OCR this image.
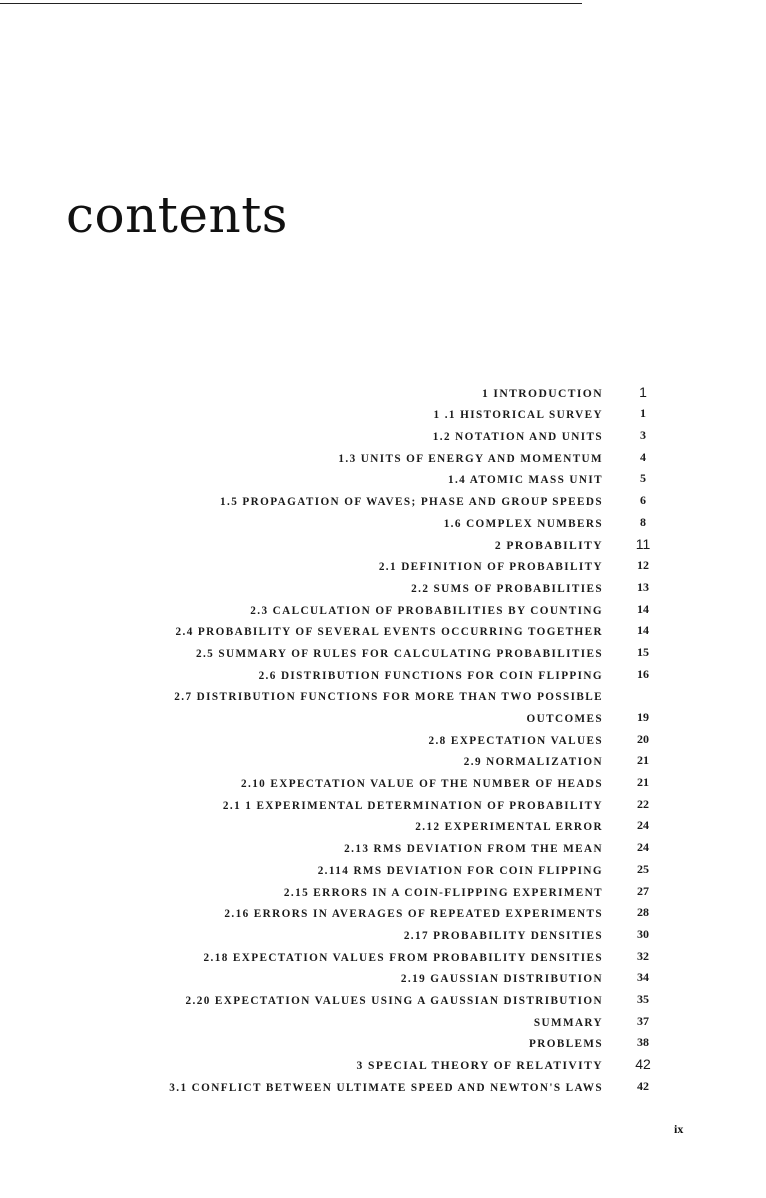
contents
1 INTRODUCTION	1
1 .1 HISTORICAL SURVEY	1
1.2 NOTATION AND UNITS	3
1.3 UNITS OF ENERGY AND MOMENTUM	4
1.4 ATOMIC MASS UNIT	5
1.5 PROPAGATION OF WAVES; PHASE AND GROUP SPEEDS	6
1.6 COMPLEX NUMBERS	8
2 PROBABILITY	11
2.1 DEFINITION OF PROBABILITY	12
2.2 SUMS OF PROBABILITIES	13
2.3 CALCULATION OF PROBABILITIES BY COUNTING	14
2.4 PROBABILITY OF SEVERAL EVENTS OCCURRING TOGETHER	14
2.5 SUMMARY OF RULES FOR CALCULATING PROBABILITIES	15
2.6 DISTRIBUTION FUNCTIONS FOR COIN FLIPPING	16
2.7 DISTRIBUTION FUNCTIONS FOR MORE THAN TWO POSSIBLE
OUTCOMES	19
2.8 EXPECTATION VALUES	20
2.9 NORMALIZATION	21
2.10 EXPECTATION VALUE OF THE NUMBER OF HEADS	21
2.1 1 EXPERIMENTAL DETERMINATION OF PROBABILITY	22
2.12 EXPERIMENTAL ERROR	24
2.13 RMS DEVIATION FROM THE MEAN	24
2.114 RMS DEVIATION FOR COIN FLIPPING	25
2.15 ERRORS IN A COIN-FLIPPING EXPERIMENT	27
2.16 ERRORS IN AVERAGES OF REPEATED EXPERIMENTS	28
2.17 PROBABILITY DENSITIES	30
2.18 EXPECTATION VALUES FROM PROBABILITY DENSITIES	32
2.19 GAUSSIAN DISTRIBUTION	34
2.20 EXPECTATION VALUES USING A GAUSSIAN DISTRIBUTION	35
SUMMARY	37
PROBLEMS	38
3 SPECIAL THEORY OF RELATIVITY	42
3.1 CONFLICT BETWEEN ULTIMATE SPEED AND NEWTON'S LAWS	42
ix
